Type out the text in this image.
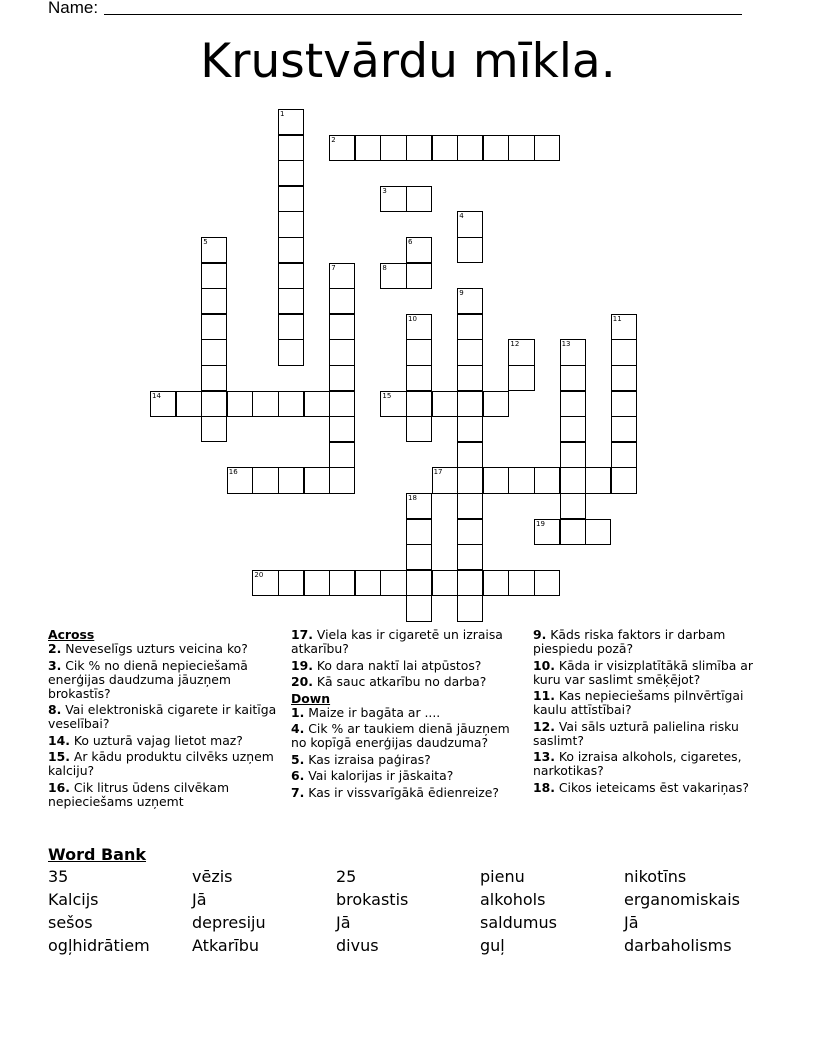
Name:
Krustvārdu mīkla.
1
2
3
4
5	6
7	8
9
10	11
12	13
14	15
16	17
18
19
20
Across
2. Neveselīgs uzturs veicina ko?
3. Cik % no dienā nepieciešamā enerģijas daudzuma jāuzņem brokastīs?
8. Vai elektroniskā cigarete ir kaitīga veselībai?
14. Ko uzturā vajag lietot maz?
15. Ar kādu produktu cilvēks uzņem kalciju?
16. Cik litrus ūdens cilvēkam nepieciešams uzņemt
17. Viela kas ir cigaretē un izraisa atkarību?
19. Ko dara naktī lai atpūstos?
20. Kā sauc atkarību no darba?
Down
1. Maize ir bagāta ar ....
4. Cik % ar taukiem dienā jāuzņem no kopīgā enerģijas daudzuma?
5. Kas izraisa paģiras?
6. Vai kalorijas ir jāskaita?
7. Kas ir vissvarīgākā ēdienreize?
9. Kāds riska faktors ir darbam piespiedu pozā?
10. Kāda ir visizplatītākā slimība ar kuru var saslimt smēķējot?
11. Kas nepieciešams pilnvērtīgai kaulu attīstībai?
12. Vai sāls uzturā palielina risku saslimt?
13. Ko izraisa alkohols, cigaretes, narkotikas?
18. Cikos ieteicams ēst vakariņas?
Word Bank
35	vēzis	25	pienu	nikotīns
Kalcijs	Jā	brokastis	alkohols	erganomiskais
sešos	depresiju	Jā	saldumus	Jā
ogļhidrātiem	Atkarību	divus	guļ	darbaholisms
